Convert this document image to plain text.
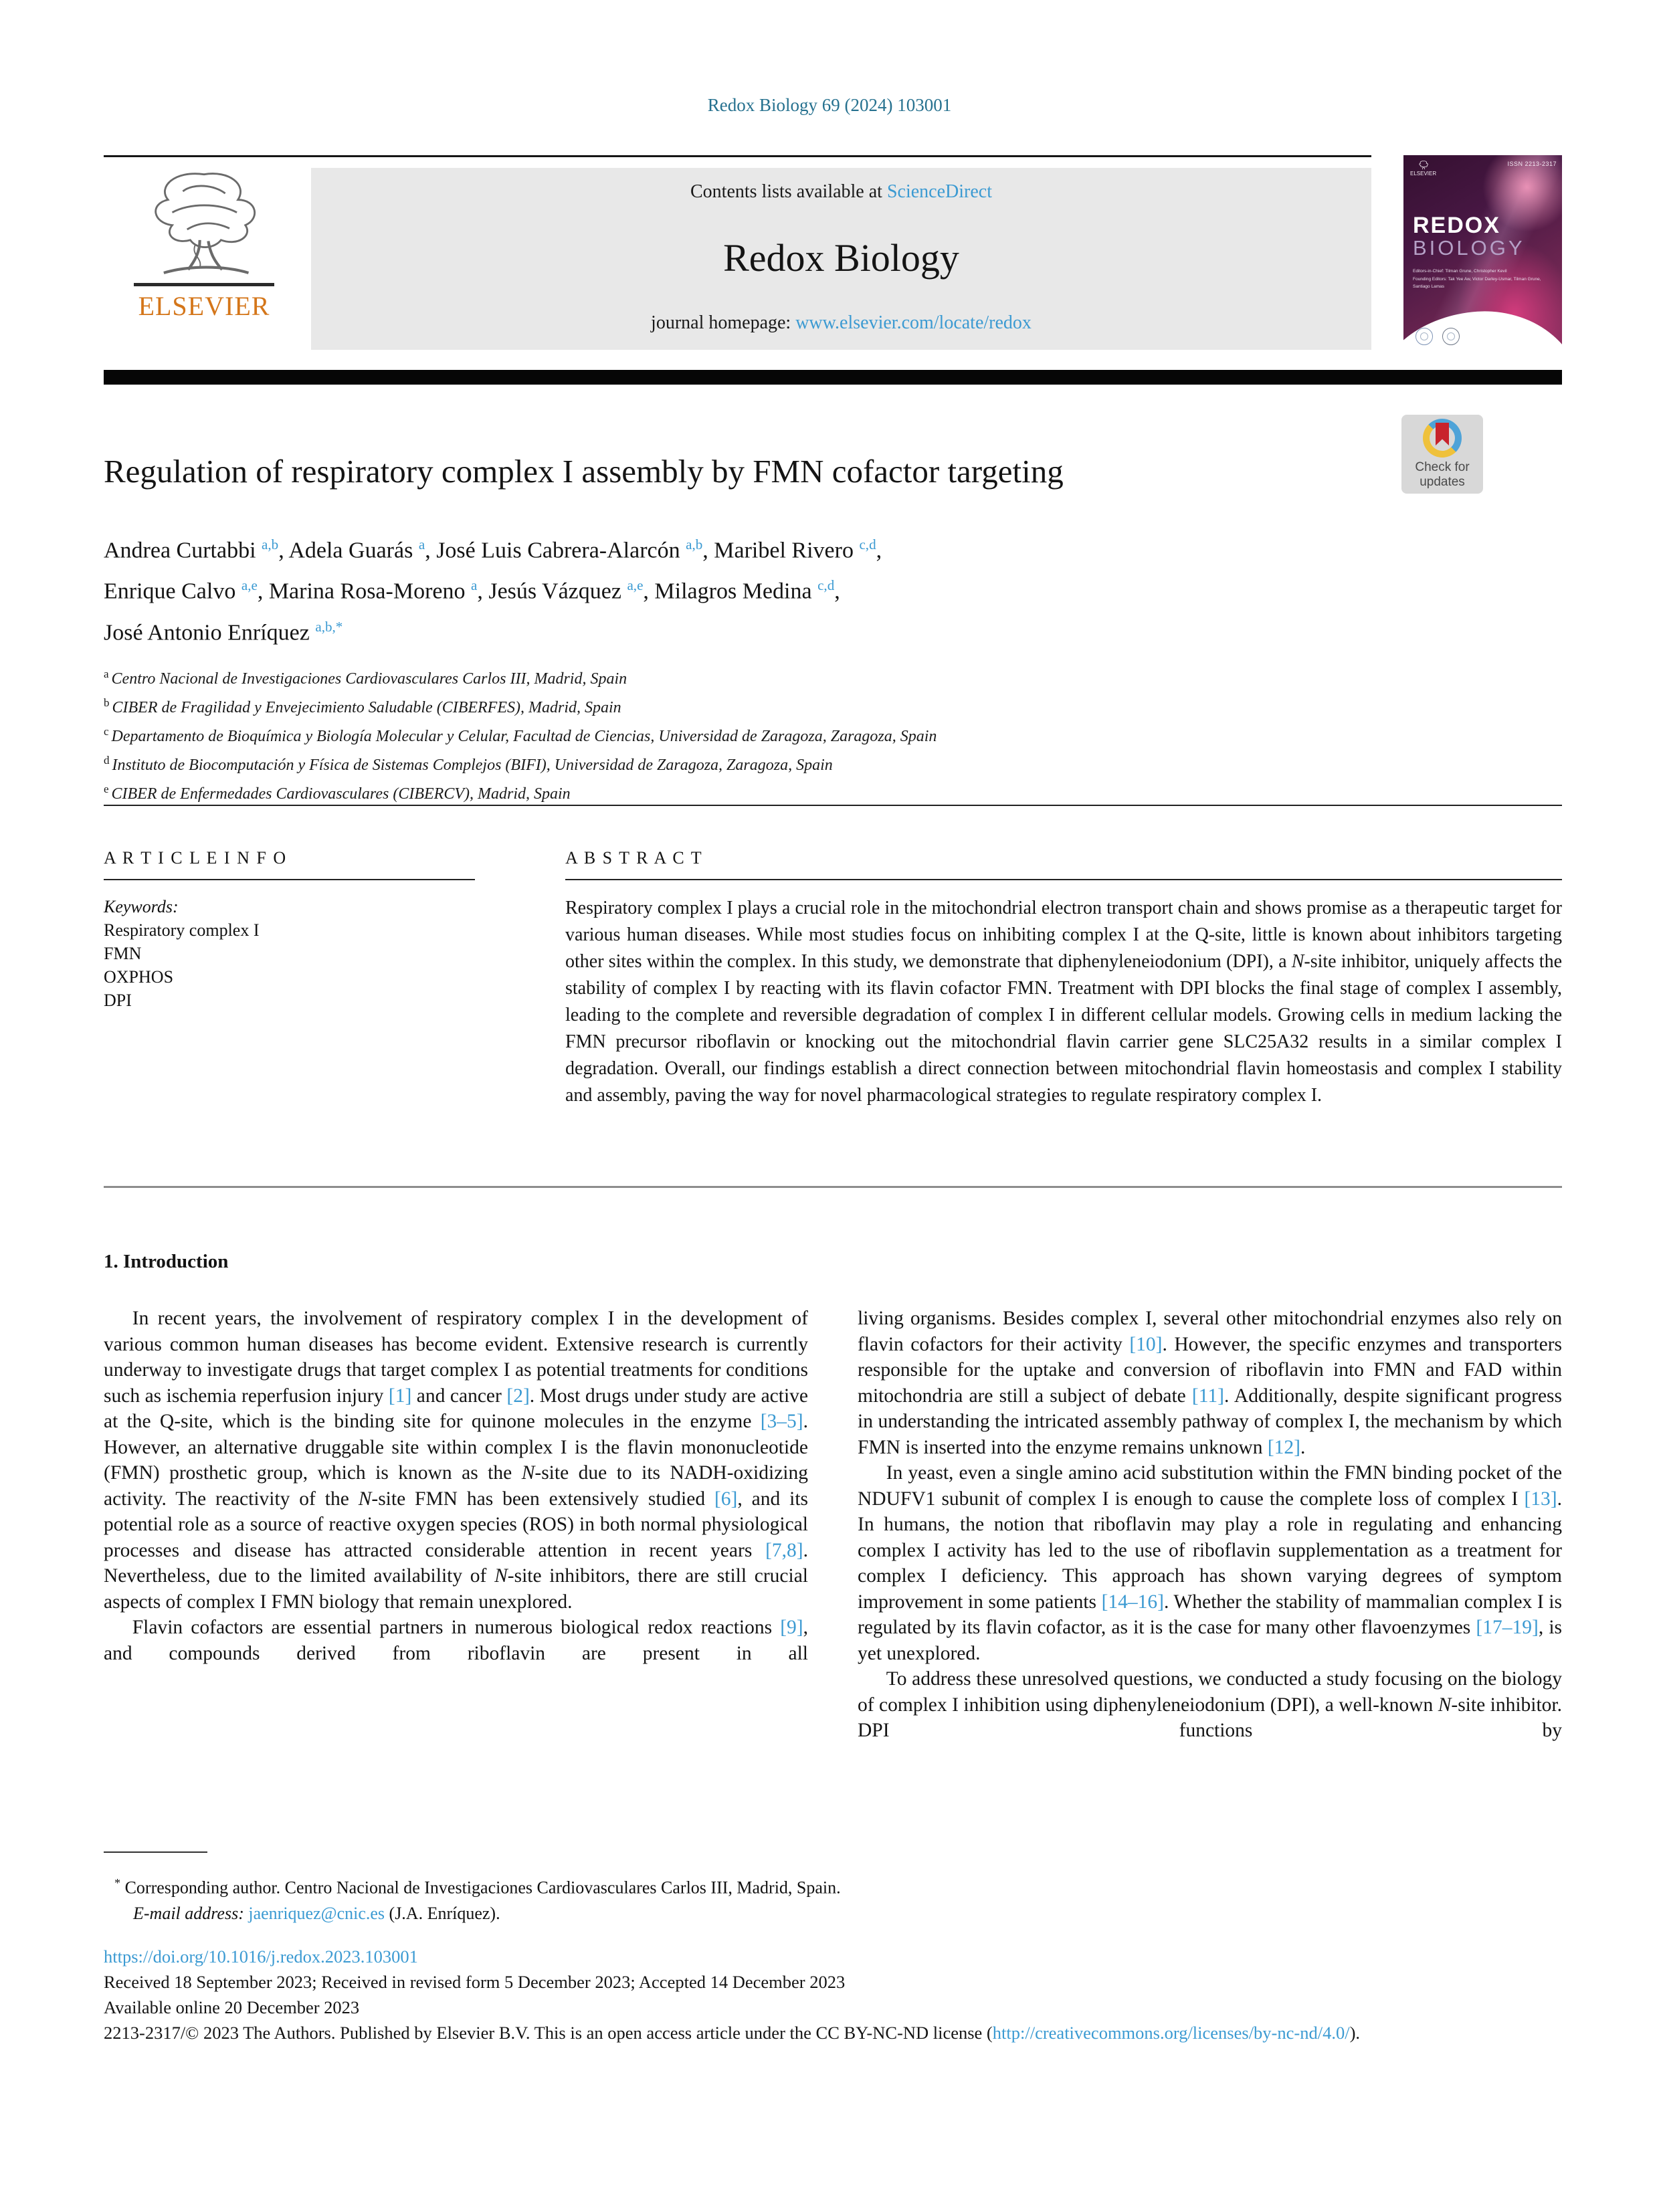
Redox Biology 69 (2024) 103001
ELSEVIER
Contents lists available at ScienceDirect
Redox Biology
journal homepage: www.elsevier.com/locate/redox
ELSEVIER
ISSN 2213-2317
REDOX
BIOLOGY
Editors-in-Chief: Tilman Grune, Christopher Kevil
Founding Editors: Tak Yee Aw, Victor Darley-Usmar, Tilman Grune, Santiago Lamas
Regulation of respiratory complex I assembly by FMN cofactor targeting	Check for
updates
Andrea Curtabbi $^{a,b}$, Adela Guarás $^a$, José Luis Cabrera-Alarcón $^{a,b}$, Maribel Rivero $^{c,d}$,
Enrique Calvo $^{a,e}$, Marina Rosa-Moreno $^a$, Jesús Vázquez $^{a,e}$, Milagros Medina $^{c,d}$,
José Antonio Enríquez $^{a,b,*}$
$^a$ Centro Nacional de Investigaciones Cardiovasculares Carlos III, Madrid, Spain
$^b$ CIBER de Fragilidad y Envejecimiento Saludable (CIBERFES), Madrid, Spain
$^c$ Departamento de Bioquímica y Biología Molecular y Celular, Facultad de Ciencias, Universidad de Zaragoza, Zaragoza, Spain
$^d$ Instituto de Biocomputación y Física de Sistemas Complejos (BIFI), Universidad de Zaragoza, Zaragoza, Spain
$^e$ CIBER de Enfermedades Cardiovasculares (CIBERCV), Madrid, Spain
A R T I C L E I N F O
Keywords:
Respiratory complex I
FMN
OXPHOS
DPI
A B S T R A C T
Respiratory complex I plays a crucial role in the mitochondrial electron transport chain and shows promise as a therapeutic target for various human diseases. While most studies focus on inhibiting complex I at the Q-site, little is known about inhibitors targeting other sites within the complex. In this study, we demonstrate that diphenyleneiodonium (DPI), a N-site inhibitor, uniquely affects the stability of complex I by reacting with its flavin cofactor FMN. Treatment with DPI blocks the final stage of complex I assembly, leading to the complete and reversible degradation of complex I in different cellular models. Growing cells in medium lacking the FMN precursor riboflavin or knocking out the mitochondrial flavin carrier gene SLC25A32 results in a similar complex I degradation. Overall, our findings establish a direct connection between mitochondrial flavin homeostasis and complex I stability and assembly, paving the way for novel pharmacological strategies to regulate respiratory complex I.
1. Introduction

In recent years, the involvement of respiratory complex I in the development of various common human diseases has become evident. Extensive research is currently underway to investigate drugs that target complex I as potential treatments for conditions such as ischemia reperfusion injury [1] and cancer [2]. Most drugs under study are active at the Q-site, which is the binding site for quinone molecules in the enzyme [3–5]. However, an alternative druggable site within complex I is the flavin mononucleotide (FMN) prosthetic group, which is known as the N-site due to its NADH-oxidizing activity. The reactivity of the N-site FMN has been extensively studied [6], and its potential role as a source of reactive oxygen species (ROS) in both normal physiological processes and disease has attracted considerable attention in recent years [7,8]. Nevertheless, due to the limited availability of N-site inhibitors, there are still crucial aspects of complex I FMN biology that remain unexplored.

Flavin cofactors are essential partners in numerous biological redox reactions [9], and compounds derived from riboflavin are present in all

living organisms. Besides complex I, several other mitochondrial enzymes also rely on flavin cofactors for their activity [10]. However, the specific enzymes and transporters responsible for the uptake and conversion of riboflavin into FMN and FAD within mitochondria are still a subject of debate [11]. Additionally, despite significant progress in understanding the intricated assembly pathway of complex I, the mechanism by which FMN is inserted into the enzyme remains unknown [12].

In yeast, even a single amino acid substitution within the FMN binding pocket of the NDUFV1 subunit of complex I is enough to cause the complete loss of complex I [13]. In humans, the notion that riboflavin may play a role in regulating and enhancing complex I activity has led to the use of riboflavin supplementation as a treatment for complex I deficiency. This approach has shown varying degrees of symptom improvement in some patients [14–16]. Whether the stability of mammalian complex I is regulated by its flavin cofactor, as it is the case for many other flavoenzymes [17–19], is yet unexplored.

To address these unresolved questions, we conducted a study focusing on the biology of complex I inhibition using diphenyleneiodonium (DPI), a well-known N-site inhibitor. DPI functions by

* Corresponding author. Centro Nacional de Investigaciones Cardiovasculares Carlos III, Madrid, Spain.
E-mail address: jaenriquez@cnic.es (J.A. Enríquez).
https://doi.org/10.1016/j.redox.2023.103001
Received 18 September 2023; Received in revised form 5 December 2023; Accepted 14 December 2023
Available online 20 December 2023
2213-2317/© 2023 The Authors. Published by Elsevier B.V. This is an open access article under the CC BY-NC-ND license (http://creativecommons.org/licenses/by-nc-nd/4.0/).
